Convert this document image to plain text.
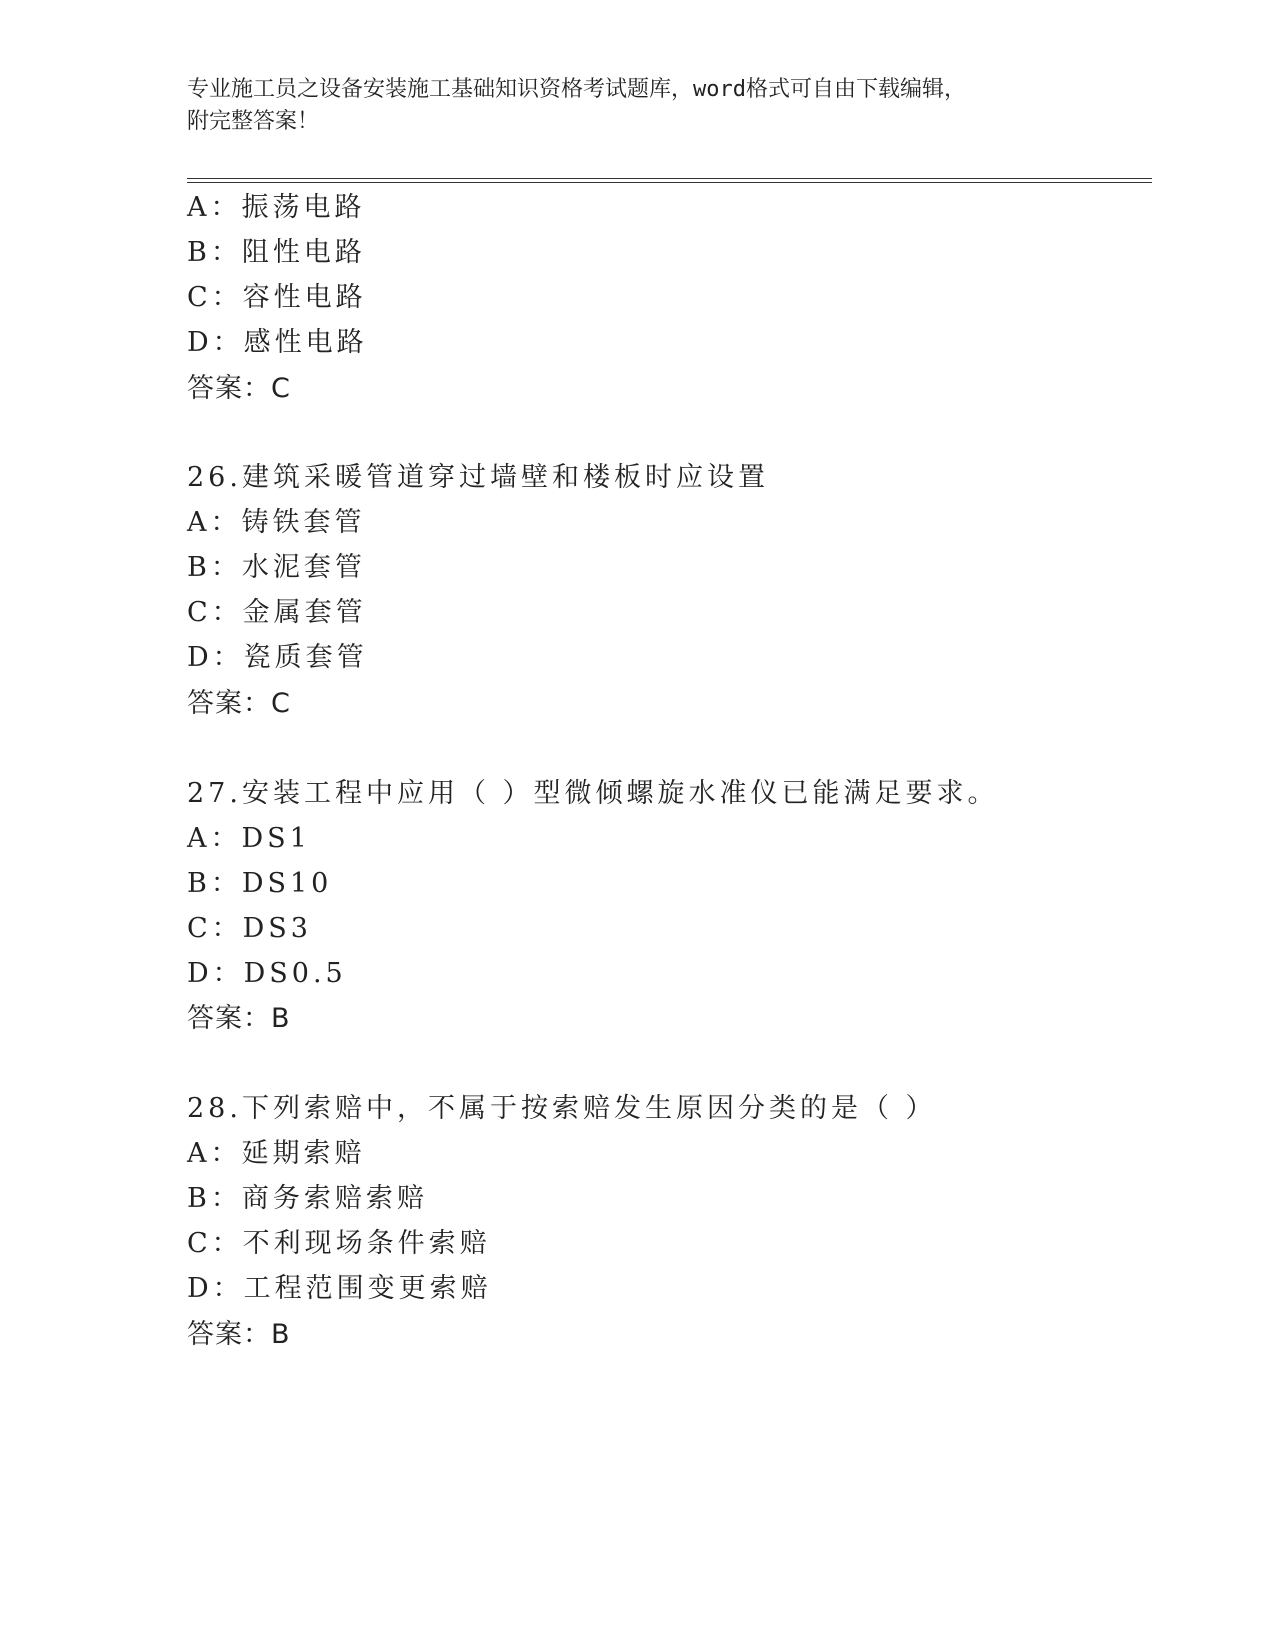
专业施工员之设备安装施工基础知识资格考试题库，word格式可自由下载编辑，
附完整答案！
A：振荡电路
B：阻性电路
C：容性电路
D：感性电路
答案：C
26.建筑采暖管道穿过墙壁和楼板时应设置
A：铸铁套管
B：水泥套管
C：金属套管
D：瓷质套管
答案：C
27.安装工程中应用（ ）型微倾螺旋水准仪已能满足要求。
A：DS1
B：DS10
C：DS3
D：DS0.5
答案：B
28.下列索赔中，不属于按索赔发生原因分类的是（ ）
A：延期索赔
B：商务索赔索赔
C：不利现场条件索赔
D：工程范围变更索赔
答案：B
